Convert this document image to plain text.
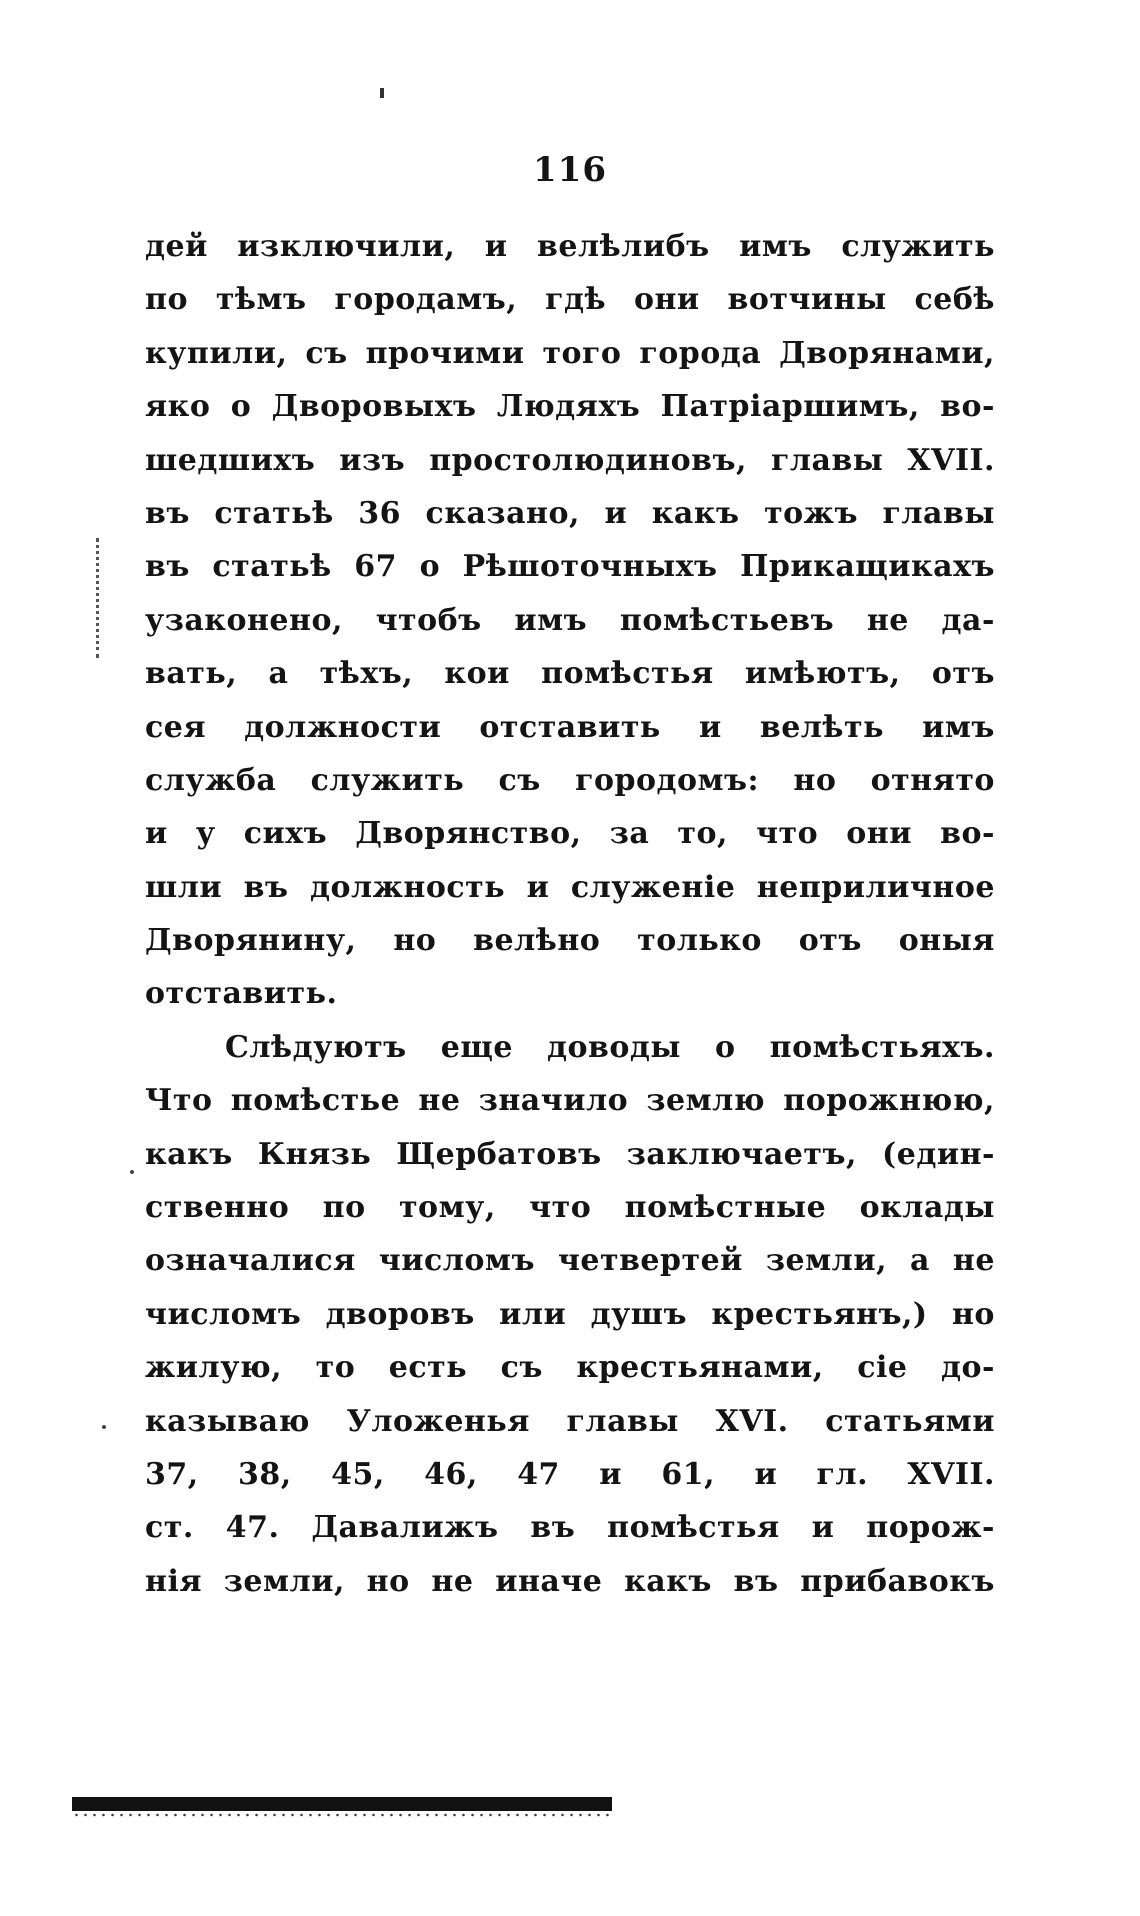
116
дей изключили, и велѣлибъ имъ служить
по тѣмъ городамъ, гдѣ они вотчины себѣ
купили, съ прочими того города Дворянами,
яко о Дворовыхъ Людяхъ Патріаршимъ, во-
шедшихъ изъ простолюдиновъ, главы XVII.
въ статьѣ 36 сказано, и какъ тожъ главы
въ статьѣ 67 о Рѣшоточныхъ Прикащикахъ
узаконено, чтобъ имъ помѣстьевъ не да-
вать, а тѣхъ, кои помѣстья имѣютъ, отъ
сея должности отставить и велѣть имъ
служба служить съ городомъ: но отнято
и у сихъ Дворянство, за то, что они во-
шли въ должность и служеніе неприличное
Дворянину, но велѣно только отъ оныя
отставить.
Слѣдуютъ еще доводы о помѣстьяхъ.
Что помѣстье не значило землю порожнюю,
какъ Князь Щербатовъ заключаетъ, (един-
ственно по тому, что помѣстные оклады
означалися числомъ четвертей земли, а не
числомъ дворовъ или душъ крестьянъ,) но
жилую, то есть съ крестьянами, сіе до-
казываю Уложенья главы XVI. статьями
37, 38, 45, 46, 47 и 61, и гл. XVII.
ст. 47. Давалижъ въ помѣстья и порож-
нія земли, но не иначе какъ въ прибавокъ
